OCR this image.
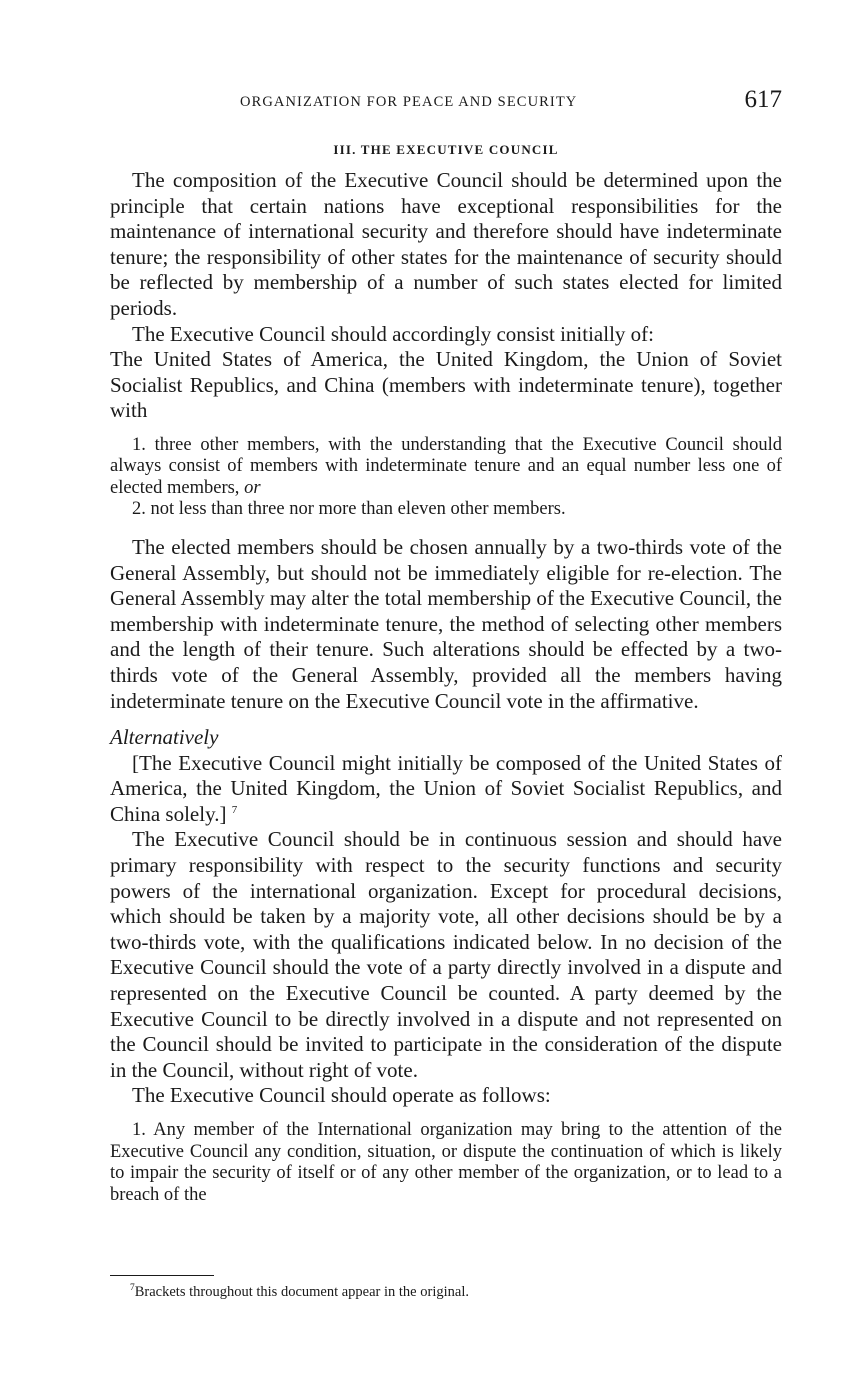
ORGANIZATION FOR PEACE AND SECURITY	617
III. THE EXECUTIVE COUNCIL

The composition of the Executive Council should be determined upon the principle that certain nations have exceptional responsibilities for the maintenance of international security and therefore should have indeterminate tenure; the responsibility of other states for the maintenance of security should be reflected by membership of a number of such states elected for limited periods.

The Executive Council should accordingly consist initially of:

The United States of America, the United Kingdom, the Union of Soviet Socialist Republics, and China (members with indeterminate tenure), together with

1. three other members, with the understanding that the Executive Council should always consist of members with indeterminate tenure and an equal number less one of elected members, or

2. not less than three nor more than eleven other members.

The elected members should be chosen annually by a two-thirds vote of the General Assembly, but should not be immediately eligible for re-election. The General Assembly may alter the total membership of the Executive Council, the membership with indeterminate tenure, the method of selecting other members and the length of their tenure. Such alterations should be effected by a two-thirds vote of the General Assembly, provided all the members having indeterminate tenure on the Executive Council vote in the affirmative.

Alternatively

[The Executive Council might initially be composed of the United States of America, the United Kingdom, the Union of Soviet Socialist Republics, and China solely.] $^7$

The Executive Council should be in continuous session and should have primary responsibility with respect to the security functions and security powers of the international organization. Except for procedural decisions, which should be taken by a majority vote, all other decisions should be by a two-thirds vote, with the qualifications indicated below. In no decision of the Executive Council should the vote of a party directly involved in a dispute and represented on the Executive Council be counted. A party deemed by the Executive Council to be directly involved in a dispute and not represented on the Council should be invited to participate in the consideration of the dispute in the Council, without right of vote.

The Executive Council should operate as follows:

1. Any member of the International organization may bring to the attention of the Executive Council any condition, situation, or dispute the continuation of which is likely to impair the security of itself or of any other member of the organization, or to lead to a breach of the

$^7$Brackets throughout this document appear in the original.
